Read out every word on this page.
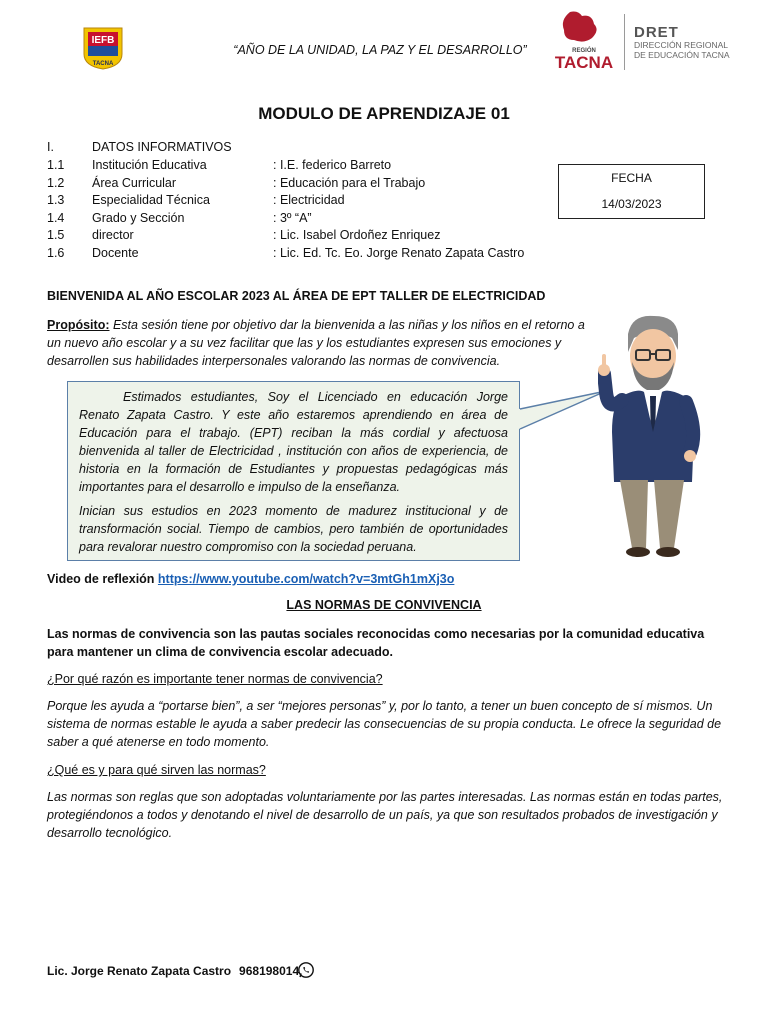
IEFB
TACNA
“AÑO DE LA UNIDAD, LA PAZ Y EL DESARROLLO”	REGIÓN
TACNA
DRET
DIRECCIÓN REGIONAL
DE EDUCACIÓN TACNA
MODULO DE APRENDIZAJE 01
I.	DATOS INFORMATIVOS
1.1 Institución Educativa	: I.E. federico Barreto
1.2 Área Curricular	: Educación para el Trabajo
1.3 Especialidad Técnica	: Electricidad
1.4 Grado y Sección	: 3º “A”
1.5 director	: Lic. Isabel Ordoñez Enriquez
1.6 Docente	: Lic. Ed. Tc. Eo. Jorge Renato Zapata Castro
FECHA
14/03/2023
BIENVENIDA AL AÑO ESCOLAR 2023 AL ÁREA DE EPT TALLER DE ELECTRICIDAD
Propósito: Esta sesión tiene por objetivo dar la bienvenida a las niñas y los niños en el retorno a un nuevo año escolar y a su vez facilitar que las y los estudiantes expresen sus emociones y desarrollen sus habilidades interpersonales valorando las normas de convivencia.

Estimados estudiantes, Soy el Licenciado en educación Jorge Renato Zapata Castro. Y este año estaremos aprendiendo en área de Educación para el trabajo. (EPT) reciban la más cordial y afectuosa bienvenida al taller de Electricidad , institución con años de experiencia, de historia en la formación de Estudiantes y propuestas pedagógicas más importantes para el desarrollo e impulso de la enseñanza.

Inician sus estudios en 2023 momento de madurez institucional y de transformación social. Tiempo de cambios, pero también de oportunidades para revalorar nuestro compromiso con la sociedad peruana.

Video de reflexión https://www.youtube.com/watch?v=3mtGh1mXj3o
LAS NORMAS DE CONVIVENCIA
Las normas de convivencia son las pautas sociales reconocidas como necesarias por la comunidad educativa para mantener un clima de convivencia escolar adecuado.
¿Por qué razón es importante tener normas de convivencia?
Porque les ayuda a “portarse bien”, a ser “mejores personas” y, por lo tanto, a tener un buen concepto de sí mismos. Un sistema de normas estable le ayuda a saber predecir las consecuencias de su propia conducta. Le ofrece la seguridad de saber a qué atenerse en todo momento.
¿Qué es y para qué sirven las normas?
Las normas son reglas que son adoptadas voluntariamente por las partes interesadas. Las normas están en todas partes, protegiéndonos a todos y denotando el nivel de desarrollo de un país, ya que son resultados probados de investigación y desarrollo tecnológico.
Lic. Jorge Renato Zapata Castro 968198014
